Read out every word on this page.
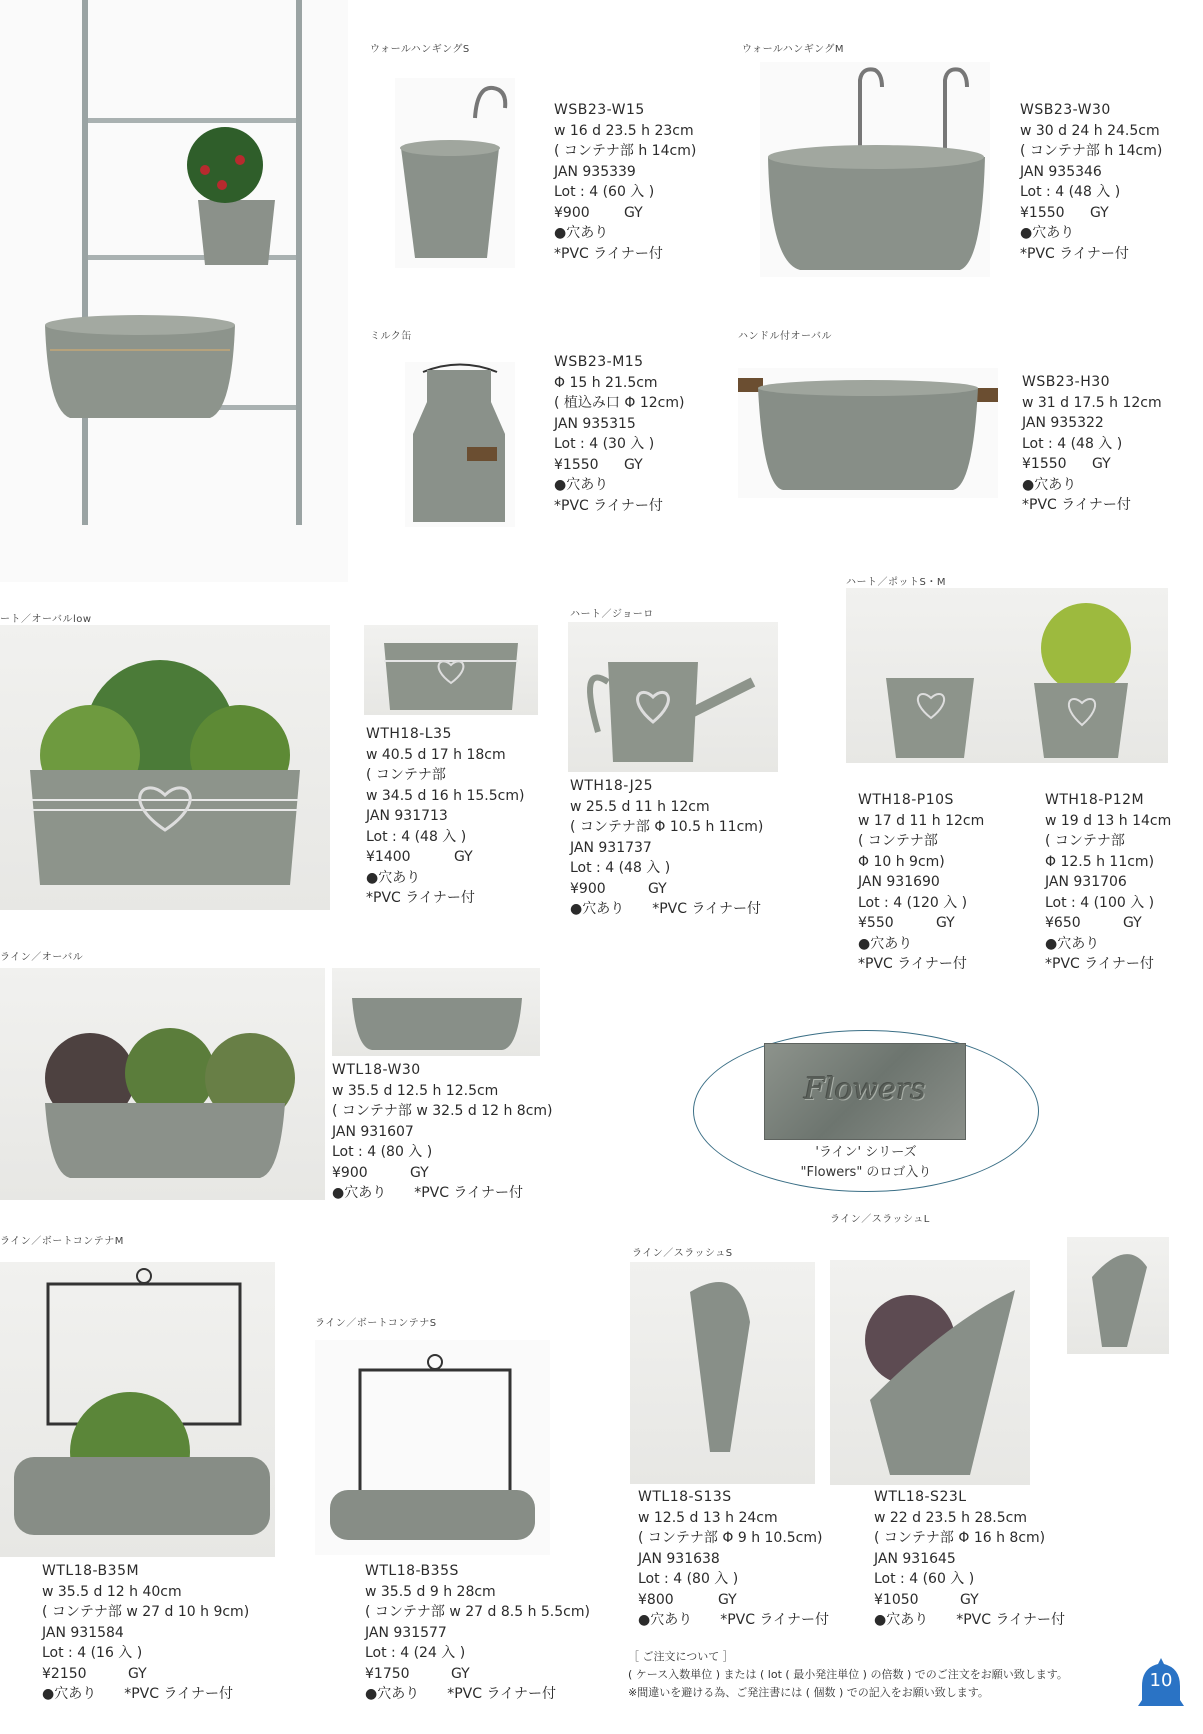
ウォールハンギングS	ウォールハンギングM
ミルク缶	ハンドル付オーバル
ート／オーバルlow	ハート／ジョーロ
ハート／ポットS・M
ライン／オーバル
ライン／ボートコンテナM
ライン／ボートコンテナS
ライン／スラッシュS
ライン／スラッシュL
WSB23-W15
w 16 d 23.5 h 23cm
( コンテナ部 h 14cm)
JAN 935339
Lot : 4 (60 入 )
¥900	GY
●穴あり
*PVC ライナー付
WSB23-W30
w 30 d 24 h 24.5cm
( コンテナ部 h 14cm)
JAN 935346
Lot : 4 (48 入 )
¥1550	GY
●穴あり
*PVC ライナー付
WSB23-M15
Φ 15 h 21.5cm
( 植込み口 Φ 12cm)
JAN 935315
Lot : 4 (30 入 )
¥1550	GY
●穴あり
*PVC ライナー付
WSB23-H30
w 31 d 17.5 h 12cm
JAN 935322
Lot : 4 (48 入 )
¥1550	GY
●穴あり
*PVC ライナー付
WTH18-L35
w 40.5 d 17 h 18cm
( コンテナ部
w 34.5 d 16 h 15.5cm)
JAN 931713
Lot : 4 (48 入 )
¥1400	GY
●穴あり
*PVC ライナー付
WTH18-J25
w 25.5 d 11 h 12cm
( コンテナ部 Φ 10.5 h 11cm)
JAN 931737
Lot : 4 (48 入 )
¥900	GY
●穴あり *PVC ライナー付
WTH18-P10S
w 17 d 11 h 12cm
( コンテナ部
Φ 10 h 9cm)
JAN 931690
Lot : 4 (120 入 )
¥550	GY
●穴あり
*PVC ライナー付
WTH18-P12M
w 19 d 13 h 14cm
( コンテナ部
Φ 12.5 h 11cm)
JAN 931706
Lot : 4 (100 入 )
¥650	GY
●穴あり
*PVC ライナー付
WTL18-W30
w 35.5 d 12.5 h 12.5cm
( コンテナ部 w 32.5 d 12 h 8cm)
JAN 931607
Lot : 4 (80 入 )
¥900	GY
●穴あり *PVC ライナー付
WTL18-B35M
w 35.5 d 12 h 40cm
( コンテナ部 w 27 d 10 h 9cm)
JAN 931584
Lot : 4 (16 入 )
¥2150	GY
●穴あり *PVC ライナー付
WTL18-B35S
w 35.5 d 9 h 28cm
( コンテナ部 w 27 d 8.5 h 5.5cm)
JAN 931577
Lot : 4 (24 入 )
¥1750	GY
●穴あり *PVC ライナー付
WTL18-S13S
w 12.5 d 13 h 24cm
( コンテナ部 Φ 9 h 10.5cm)
JAN 931638
Lot : 4 (80 入 )
¥800	GY
●穴あり *PVC ライナー付
WTL18-S23L
w 22 d 23.5 h 28.5cm
( コンテナ部 Φ 16 h 8cm)
JAN 931645
Lot : 4 (60 入 )
¥1050	GY
●穴あり *PVC ライナー付
Flowers
'ライン' シリーズ
"Flowers" のロゴ入り
［ ご注文について ］
( ケース入数単位 ) または ( lot ( 最小発注単位 ) の倍数 ) でのご注文をお願い致します。
※間違いを避ける為、ご発注書には ( 個数 ) での記入をお願い致します。
10
